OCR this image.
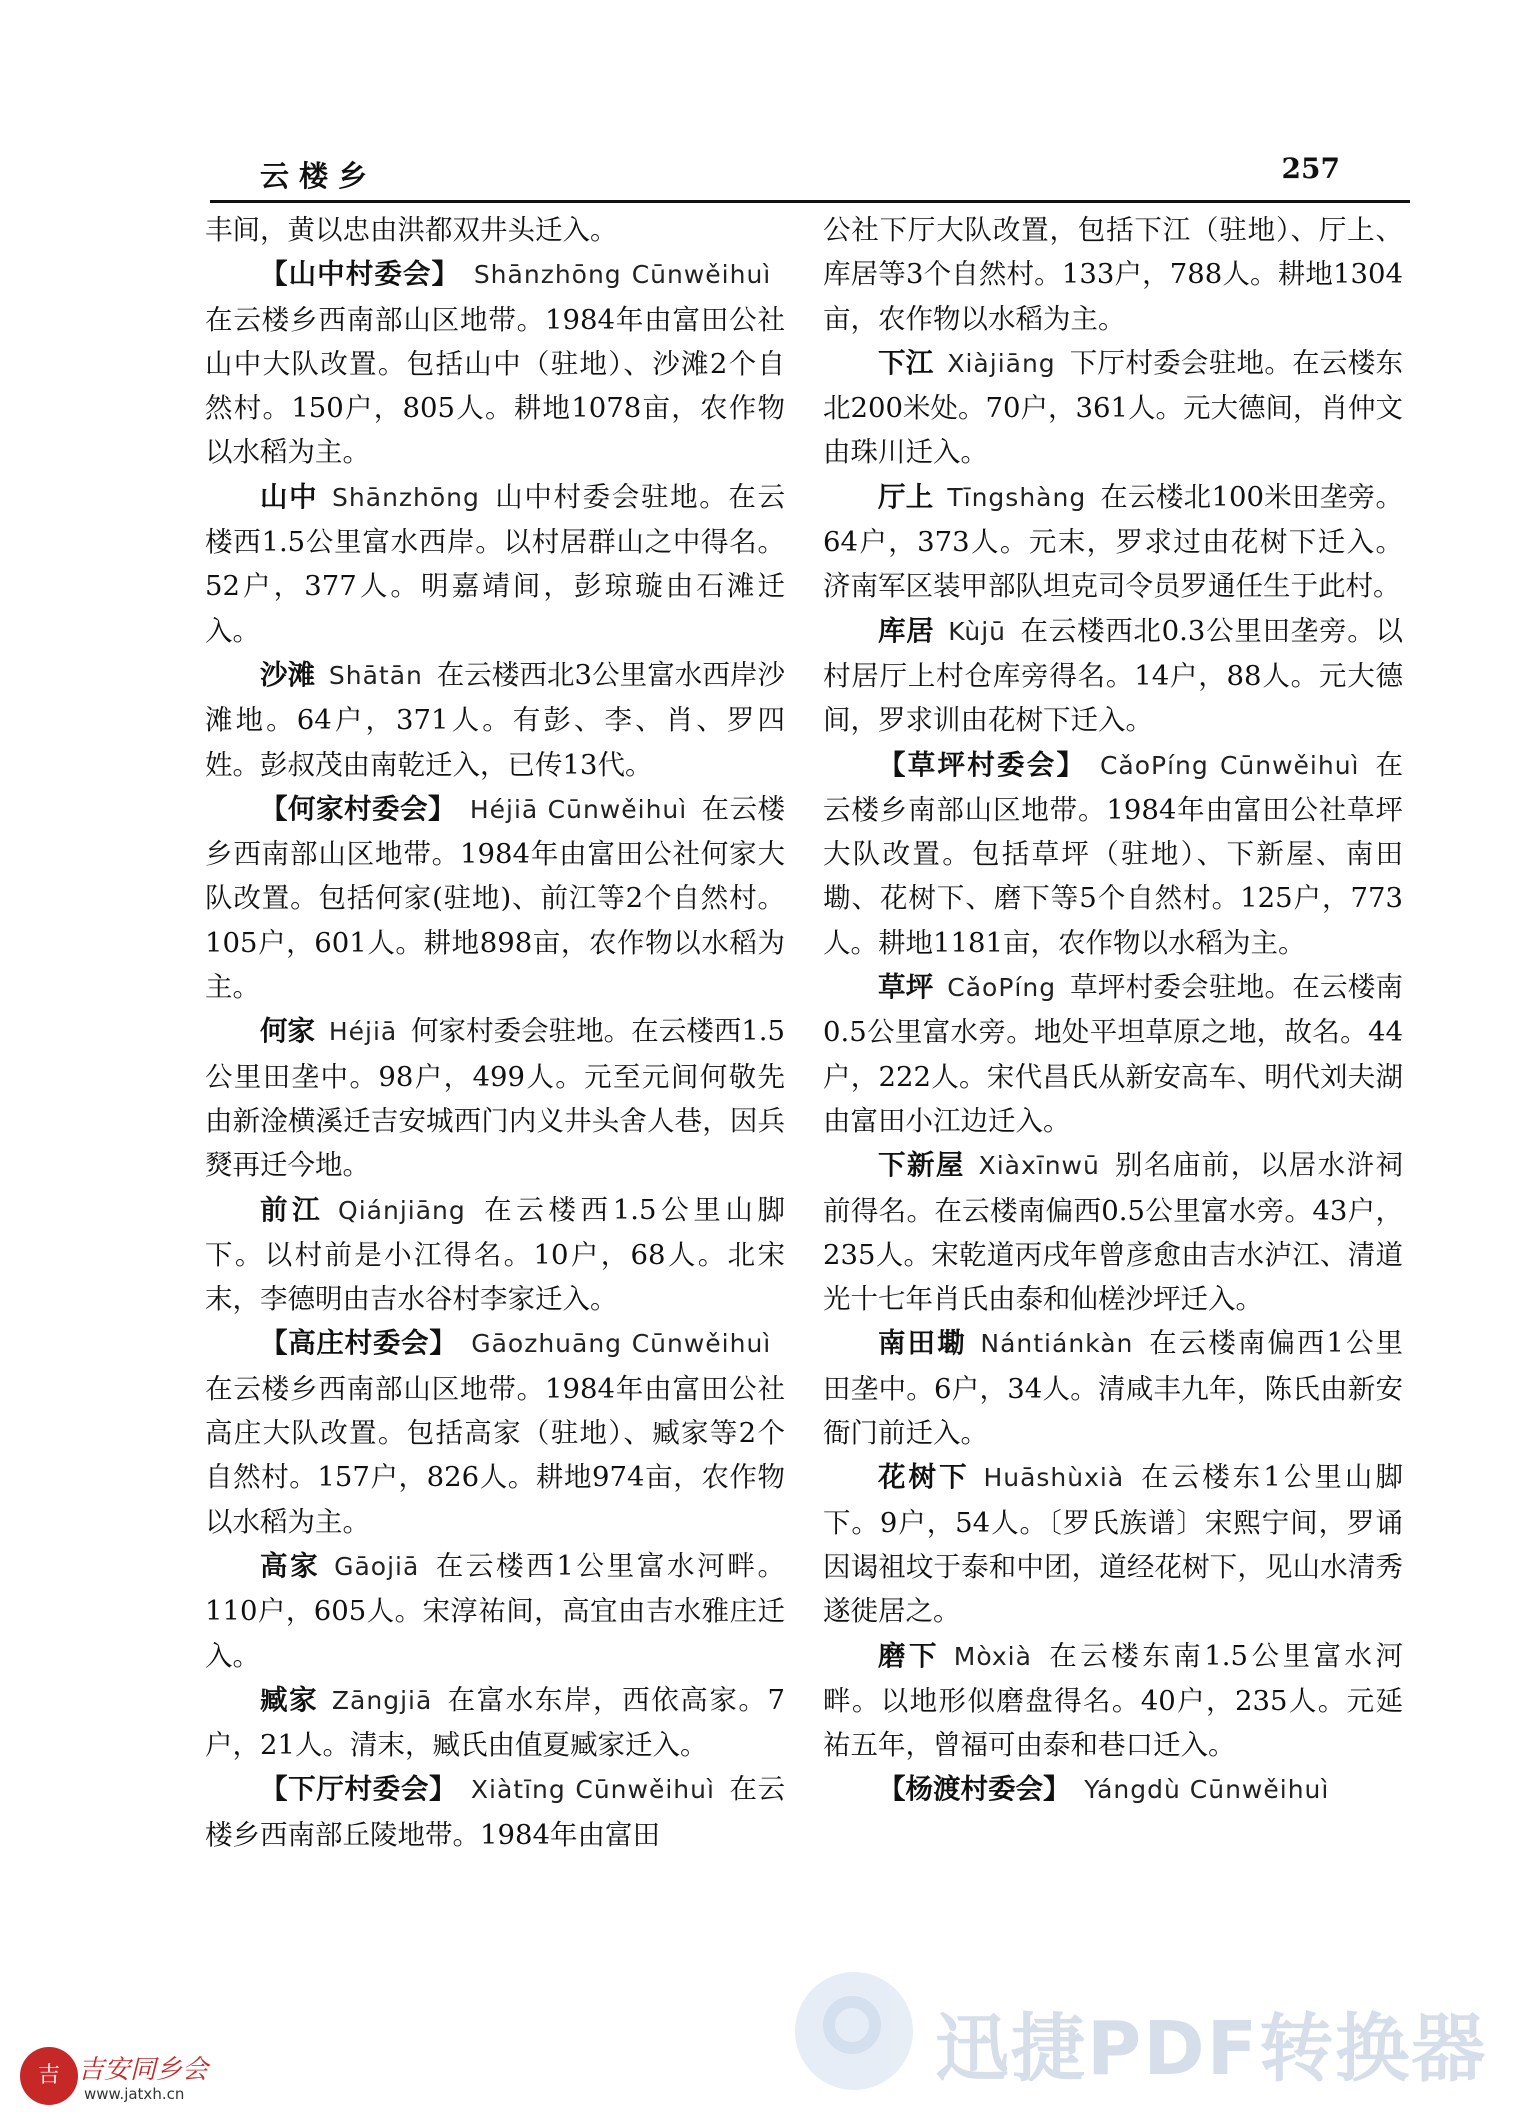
云楼乡	257

丰间，黄以忠由洪都双井头迁入。

【山中村委会】  Shānzhōng Cūnwěihuì 在云楼乡西南部山区地带。1984年由富田公社山中大队改置。包括山中（驻地）、沙滩2个自然村。150户，805人。耕地1078亩，农作物以水稻为主。

山中  Shānzhōng  山中村委会驻地。在云楼西1.5公里富水西岸。以村居群山之中得名。52户，377人。明嘉靖间，彭琼璇由石滩迁入。

沙滩  Shātān  在云楼西北3公里富水西岸沙滩地。64户，371人。有彭、李、肖、罗四姓。彭叔茂由南乾迁入，已传13代。

【何家村委会】  Héjiā Cūnwěihuì  在云楼乡西南部山区地带。1984年由富田公社何家大队改置。包括何家(驻地)、前江等2个自然村。105户，601人。耕地898亩，农作物以水稻为主。

何家  Héjiā  何家村委会驻地。在云楼西1.5公里田垄中。98户，499人。元至元间何敬先由新淦横溪迁吉安城西门内义井头舍人巷，因兵燹再迁今地。

前江  Qiánjiāng  在云楼西1.5公里山脚下。以村前是小江得名。10户，68人。北宋末，李德明由吉水谷村李家迁入。

【高庄村委会】  Gāozhuāng Cūnwěihuì 在云楼乡西南部山区地带。1984年由富田公社高庄大队改置。包括高家（驻地）、臧家等2个自然村。157户，826人。耕地974亩，农作物以水稻为主。

高家  Gāojiā  在云楼西1公里富水河畔。110户，605人。宋淳祐间，高宜由吉水雅庄迁入。

臧家  Zāngjiā  在富水东岸，西依高家。7户，21人。清末，臧氏由值夏臧家迁入。

【下厅村委会】  Xiàtīng Cūnwěihuì  在云楼乡西南部丘陵地带。1984年由富田

公社下厅大队改置，包括下江（驻地）、厅上、库居等3个自然村。133户，788人。耕地1304亩，农作物以水稻为主。

下江  Xiàjiāng  下厅村委会驻地。在云楼东北200米处。70户，361人。元大德间，肖仲文由珠川迁入。

厅上  Tīngshàng  在云楼北100米田垄旁。64户，373人。元末，罗求过由花树下迁入。济南军区装甲部队坦克司令员罗通任生于此村。

库居  Kùjū  在云楼西北0.3公里田垄旁。以村居厅上村仓库旁得名。14户，88人。元大德间，罗求训由花树下迁入。

【草坪村委会】  CǎoPíng Cūnwěihuì  在云楼乡南部山区地带。1984年由富田公社草坪大队改置。包括草坪（驻地）、下新屋、南田墈、花树下、磨下等5个自然村。125户，773人。耕地1181亩，农作物以水稻为主。

草坪  CǎoPíng  草坪村委会驻地。在云楼南0.5公里富水旁。地处平坦草原之地，故名。44户，222人。宋代昌氏从新安高车、明代刘夫湖由富田小江边迁入。

下新屋  Xiàxīnwū  别名庙前，以居水浒祠前得名。在云楼南偏西0.5公里富水旁。43户，235人。宋乾道丙戌年曾彦愈由吉水泸江、清道光十七年肖氏由泰和仙槎沙坪迁入。

南田墈  Nántiánkàn  在云楼南偏西1公里田垄中。6户，34人。清咸丰九年，陈氏由新安衙门前迁入。

花树下  Huāshùxià  在云楼东1公里山脚下。9户，54人。〔罗氏族谱〕宋熙宁间，罗诵因谒祖坟于泰和中团，道经花树下，见山水清秀遂徙居之。

磨下  Mòxià  在云楼东南1.5公里富水河畔。以地形似磨盘得名。40户，235人。元延祐五年，曾福可由泰和巷口迁入。

【杨渡村委会】  Yángdù Cūnwěihuì 

迅捷PDF转换器
吉 吉安同乡会
www.jatxh.cn
